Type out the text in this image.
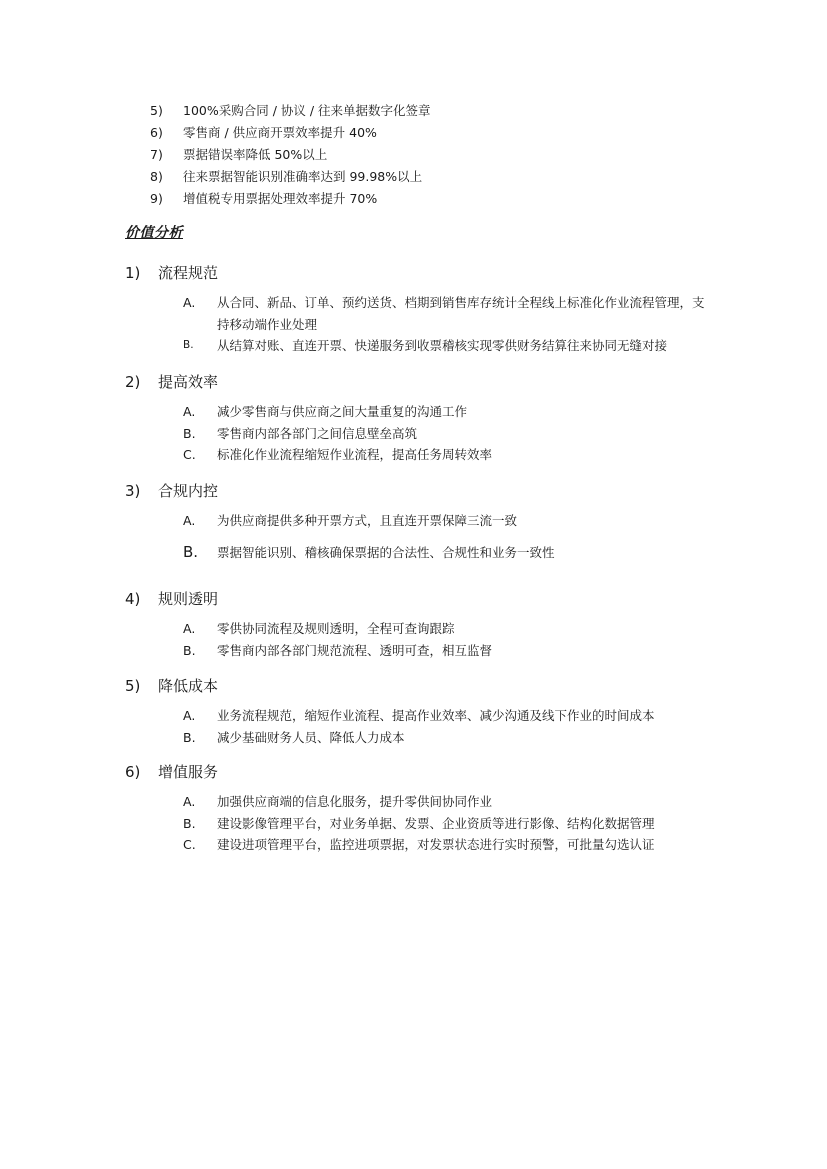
5)	100%采购合同 / 协议 / 往来单据数字化签章
6)	零售商 / 供应商开票效率提升 40%
7)	票据错误率降低 50%以上
8)	往来票据智能识别准确率达到 99.98%以上
9)	增值税专用票据处理效率提升 70%
价值分析
1)	流程规范
A.	从合同、新品、订单、预约送货、档期到销售库存统计全程线上标准化作业流程管理，支持移动端作业处理
B.	从结算对账、直连开票、快递服务到收票稽核实现零供财务结算往来协同无缝对接
2)	提高效率
A.	减少零售商与供应商之间大量重复的沟通工作
B.	零售商内部各部门之间信息壁垒高筑
C.	标准化作业流程缩短作业流程，提高任务周转效率
3)	合规内控
A.	为供应商提供多种开票方式，且直连开票保障三流一致
B.	票据智能识别、稽核确保票据的合法性、合规性和业务一致性
4)	规则透明
A.	零供协同流程及规则透明，全程可查询跟踪
B.	零售商内部各部门规范流程、透明可查，相互监督
5)	降低成本
A.	业务流程规范，缩短作业流程、提高作业效率、减少沟通及线下作业的时间成本
B.	减少基础财务人员、降低人力成本
6)	增值服务
A.	加强供应商端的信息化服务，提升零供间协同作业
B.	建设影像管理平台，对业务单据、发票、企业资质等进行影像、结构化数据管理
C.	建设进项管理平台，监控进项票据，对发票状态进行实时预警，可批量勾选认证
